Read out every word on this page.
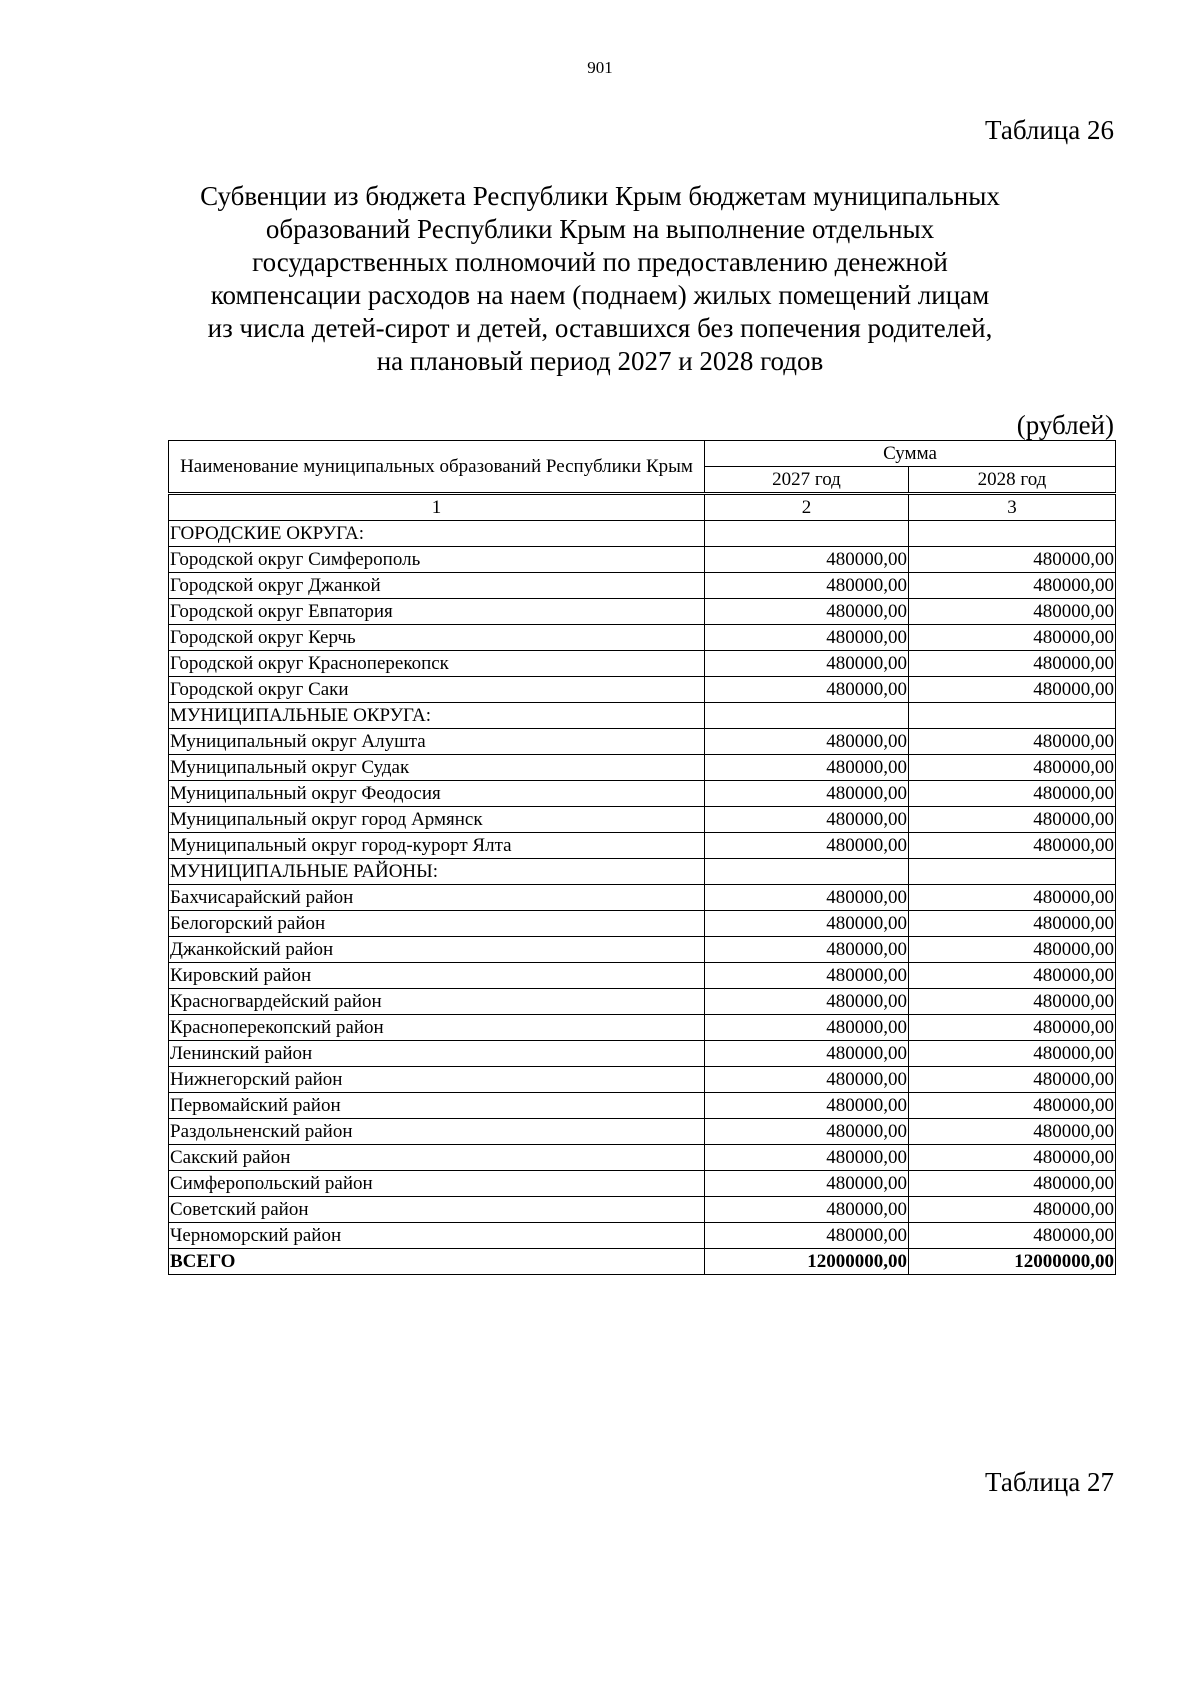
901
Таблица 26
Субвенции из бюджета Республики Крым бюджетам муниципальных
образований Республики Крым на выполнение отдельных
государственных полномочий по предоставлению денежной
компенсации расходов на наем (поднаем) жилых помещений лицам
из числа детей-сирот и детей, оставшихся без попечения родителей,
на плановый период 2027 и 2028 годов
(рублей)
Наименование муниципальных образований Республики Крым	Сумма	
	2027 год	2028 год
1	2	3
ГОРОДСКИЕ ОКРУГА:		
Городской округ Симферополь	480000,00	480000,00
Городской округ Джанкой	480000,00	480000,00
Городской округ Евпатория	480000,00	480000,00
Городской округ Керчь	480000,00	480000,00
Городской округ Красноперекопск	480000,00	480000,00
Городской округ Саки	480000,00	480000,00
МУНИЦИПАЛЬНЫЕ ОКРУГА:		
Муниципальный округ Алушта	480000,00	480000,00
Муниципальный округ Судак	480000,00	480000,00
Муниципальный округ Феодосия	480000,00	480000,00
Муниципальный округ город Армянск	480000,00	480000,00
Муниципальный округ город-курорт Ялта	480000,00	480000,00
МУНИЦИПАЛЬНЫЕ РАЙОНЫ:		
Бахчисарайский район	480000,00	480000,00
Белогорский район	480000,00	480000,00
Джанкойский район	480000,00	480000,00
Кировский район	480000,00	480000,00
Красногвардейский район	480000,00	480000,00
Красноперекопский район	480000,00	480000,00
Ленинский район	480000,00	480000,00
Нижнегорский район	480000,00	480000,00
Первомайский район	480000,00	480000,00
Раздольненский район	480000,00	480000,00
Сакский район	480000,00	480000,00
Симферопольский район	480000,00	480000,00
Советский район	480000,00	480000,00
Черноморский район	480000,00	480000,00
ВСЕГО	12000000,00	12000000,00
Таблица 27
